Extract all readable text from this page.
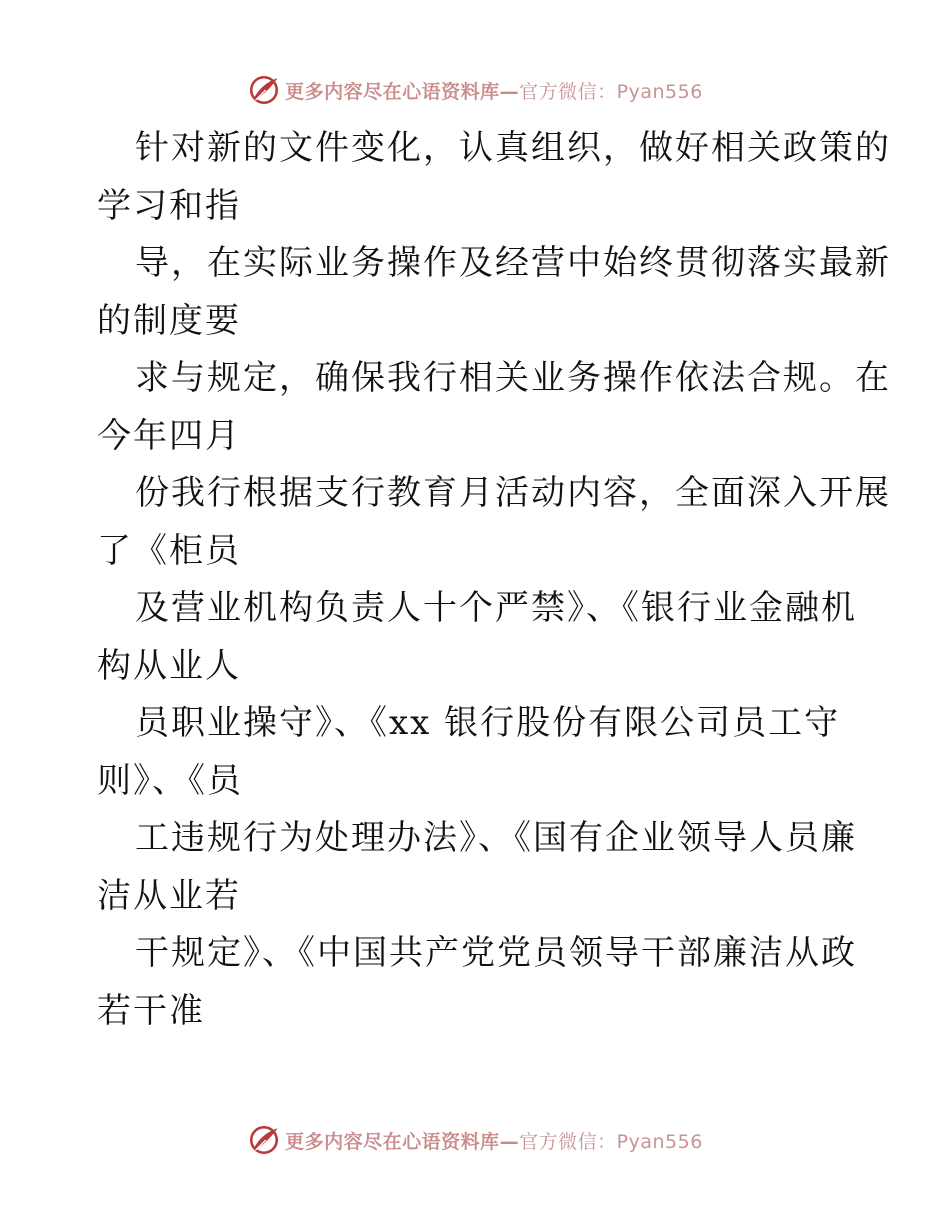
更多内容尽在心语资料库—官方微信：Pyan556
针对新的文件变化，认真组织，做好相关政策的
学习和指
导，在实际业务操作及经营中始终贯彻落实最新
的制度要
求与规定，确保我行相关业务操作依法合规。在
今年四月
份我行根据支行教育月活动内容，全面深入开展
了《柜员
及营业机构负责人十个严禁》、《银行业金融机
构从业人
员职业操守》、《xx 银行股份有限公司员工守
则》、《员
工违规行为处理办法》、《国有企业领导人员廉
洁从业若
干规定》、《中国共产党党员领导干部廉洁从政
若干准
更多内容尽在心语资料库—官方微信：Pyan556
